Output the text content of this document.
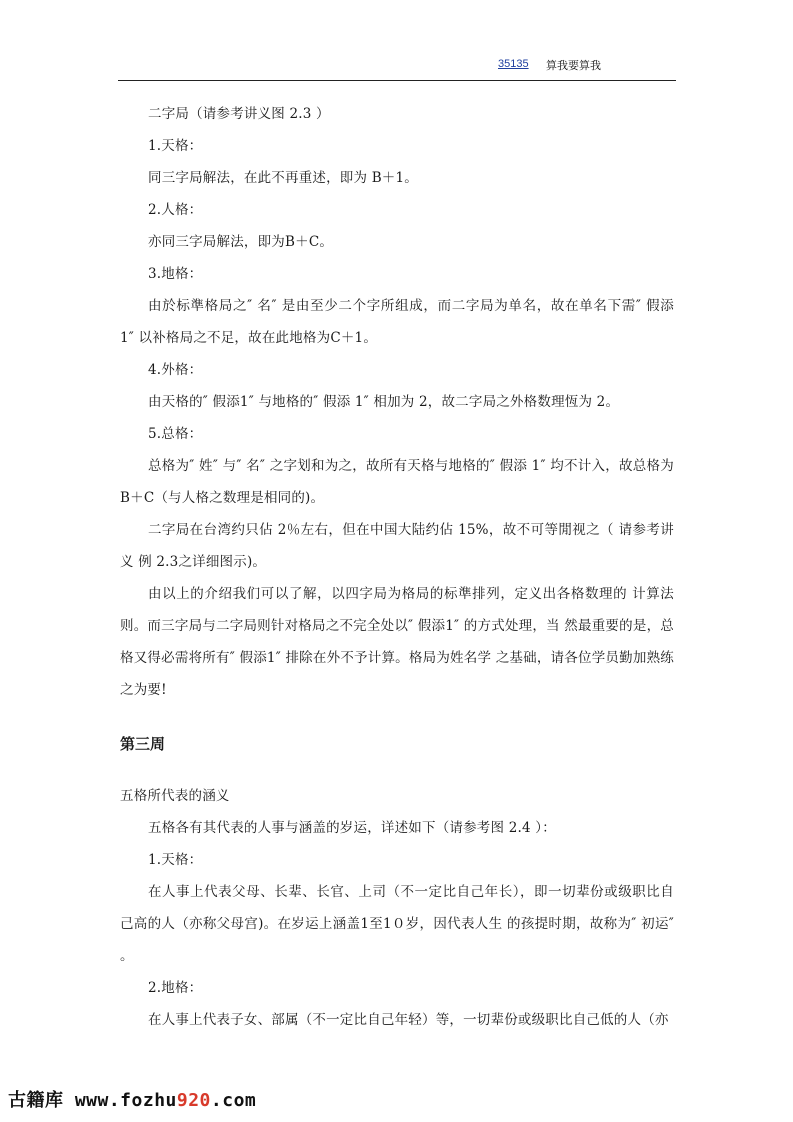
35135 算我要算我

二字局（请参考讲义图 2.3 ）

1.天格：

同三字局解法，在此不再重述，即为 B＋1。

2.人格：

亦同三字局解法，即为B＋C。

3.地格：

由於标準格局之″ 名″ 是由至少二个字所组成，而二字局为单名，故在单名下需″ 假添 1″ 以补格局之不足，故在此地格为C＋1。

4.外格：

由天格的″ 假添1″ 与地格的″ 假添 1″ 相加为 2，故二字局之外格数理恆为 2。

5.总格：

总格为″ 姓″ 与″ 名″ 之字划和为之，故所有天格与地格的″ 假添 1″ 均不计入，故总格为B＋C（与人格之数理是相同的)。

二字局在台湾约只佔 2％左右，但在中国大陆约佔 15%，故不可等閒视之（ 请参考讲义 例 2.3之详细图示)。

由以上的介绍我们可以了解，以四字局为格局的标準排列，定义出各格数理的 计算法则。而三字局与二字局则针对格局之不完全处以″ 假添1″ 的方式处理，当 然最重要的是，总格又得必需将所有″ 假添1″ 排除在外不予计算。格局为姓名学 之基础，请各位学员勤加熟练之为要!

第三周

五格所代表的涵义

五格各有其代表的人事与涵盖的岁运，详述如下（请参考图 2.4 ）：

1.天格：

在人事上代表父母、长辈、长官、上司（不一定比自己年长），即一切辈份或级职比自己高的人（亦称父母宫)。在岁运上涵盖1至1０岁，因代表人生 的孩提时期，故称为″ 初运″ 。

2.地格：

在人事上代表子女、部属（不一定比自己年轻）等，一切辈份或级职比自己低的人（亦

古籍库 www.fozhu920.com
